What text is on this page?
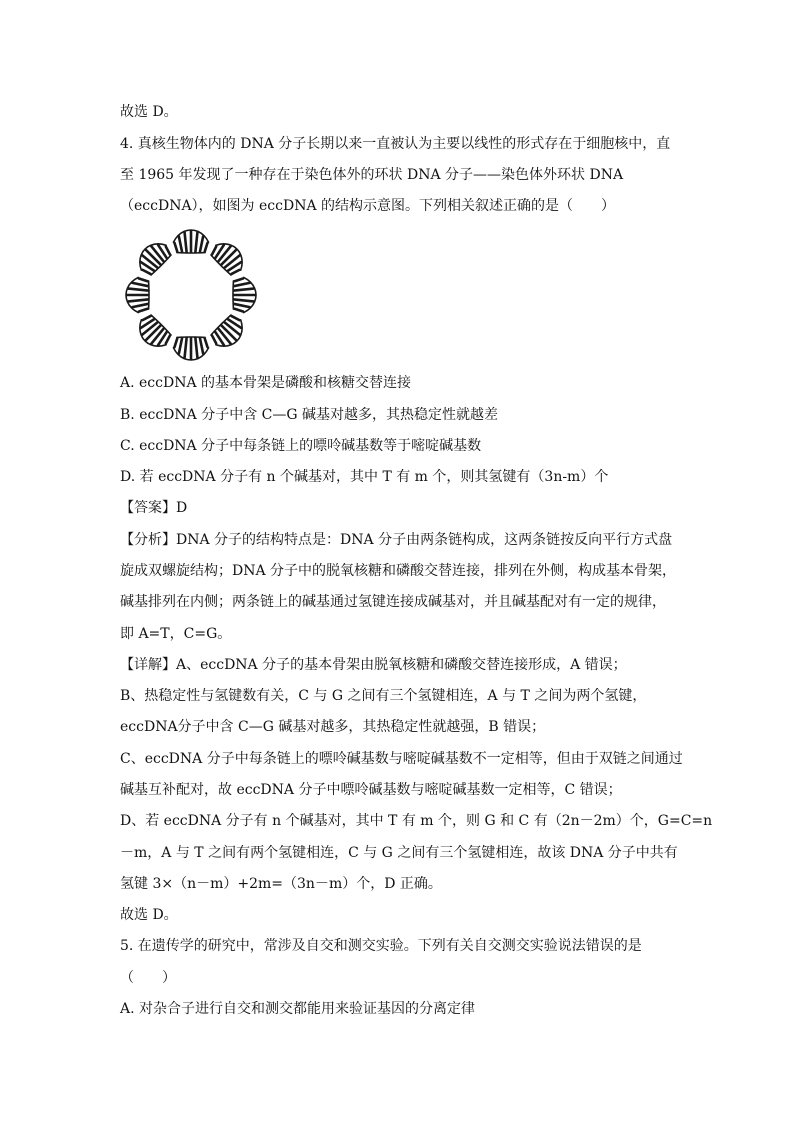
故选 D。
4. 真核生物体内的 DNA 分子长期以来一直被认为主要以线性的形式存在于细胞核中，直
至 1965 年发现了一种存在于染色体外的环状 DNA 分子——染色体外环状 DNA
（eccDNA），如图为 eccDNA 的结构示意图。下列相关叙述正确的是（　　）
A. eccDNA 的基本骨架是磷酸和核糖交替连接
B. eccDNA 分子中含 C—G 碱基对越多，其热稳定性就越差
C. eccDNA 分子中每条链上的嘌呤碱基数等于嘧啶碱基数
D. 若 eccDNA 分子有 n 个碱基对，其中 T 有 m 个，则其氢键有（3n-m）个
【答案】D
【分析】DNA 分子的结构特点是：DNA 分子由两条链构成，这两条链按反向平行方式盘
旋成双螺旋结构；DNA 分子中的脱氧核糖和磷酸交替连接，排列在外侧，构成基本骨架，
碱基排列在内侧；两条链上的碱基通过氢键连接成碱基对，并且碱基配对有一定的规律，
即 A=T，C=G。
【详解】A、eccDNA 分子的基本骨架由脱氧核糖和磷酸交替连接形成，A 错误；
B、热稳定性与氢键数有关，C 与 G 之间有三个氢键相连，A 与 T 之间为两个氢键，
eccDNA分子中含 C—G 碱基对越多，其热稳定性就越强，B 错误；
C、eccDNA 分子中每条链上的嘌呤碱基数与嘧啶碱基数不一定相等，但由于双链之间通过
碱基互补配对，故 eccDNA 分子中嘌呤碱基数与嘧啶碱基数一定相等，C 错误；
D、若 eccDNA 分子有 n 个碱基对，其中 T 有 m 个，则 G 和 C 有（2n－2m）个，G=C=n
－m，A 与 T 之间有两个氢键相连，C 与 G 之间有三个氢键相连，故该 DNA 分子中共有
氢键 3×（n－m）+2m=（3n－m）个，D 正确。
故选 D。
5. 在遗传学的研究中，常涉及自交和测交实验。下列有关自交测交实验说法错误的是
（　　）
A. 对杂合子进行自交和测交都能用来验证基因的分离定律
